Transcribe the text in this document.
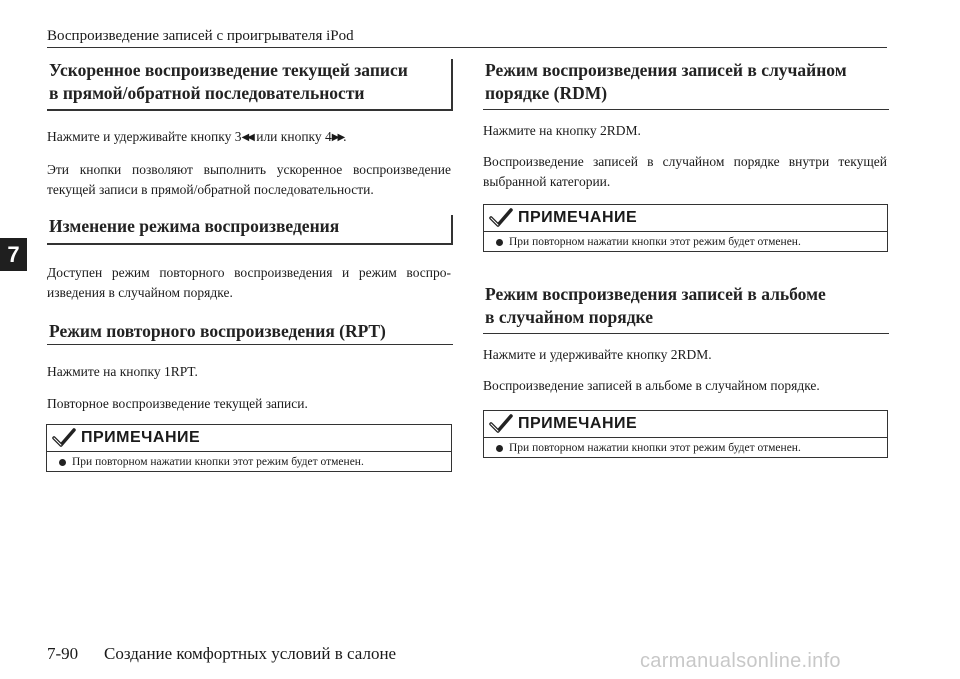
Воспроизведение записей с проигрывателя iPod
7
Ускоренное воспроизведение текущей записи
в прямой/обратной последовательности
Нажмите и удерживайте кнопку 3◀◀ или кнопку 4▶▶.
Эти кнопки позволяют выполнить ускоренное воспроизведение текущей записи в прямой/обратной последовательности.
Изменение режима воспроизведения
Доступен режим повторного воспроизведения и режим воспро-изведения в случайном порядке.
Режим повторного воспроизведения (RPT)
Нажмите на кнопку 1RPT.
Повторное воспроизведение текущей записи.
ПРИМЕЧАНИЕ
При повторном нажатии кнопки этот режим будет отменен.
Режим воспроизведения записей в случайном
порядке (RDM)
Нажмите на кнопку 2RDM.
Воспроизведение записей в случайном порядке внутри текущей выбранной категории.
ПРИМЕЧАНИЕ
При повторном нажатии кнопки этот режим будет отменен.
Режим воспроизведения записей в альбоме
в случайном порядке
Нажмите и удерживайте кнопку 2RDM.
Воспроизведение записей в альбоме в случайном порядке.
ПРИМЕЧАНИЕ
При повторном нажатии кнопки этот режим будет отменен.
7-90 Создание комфортных условий в салоне	carmanualsonline.info
